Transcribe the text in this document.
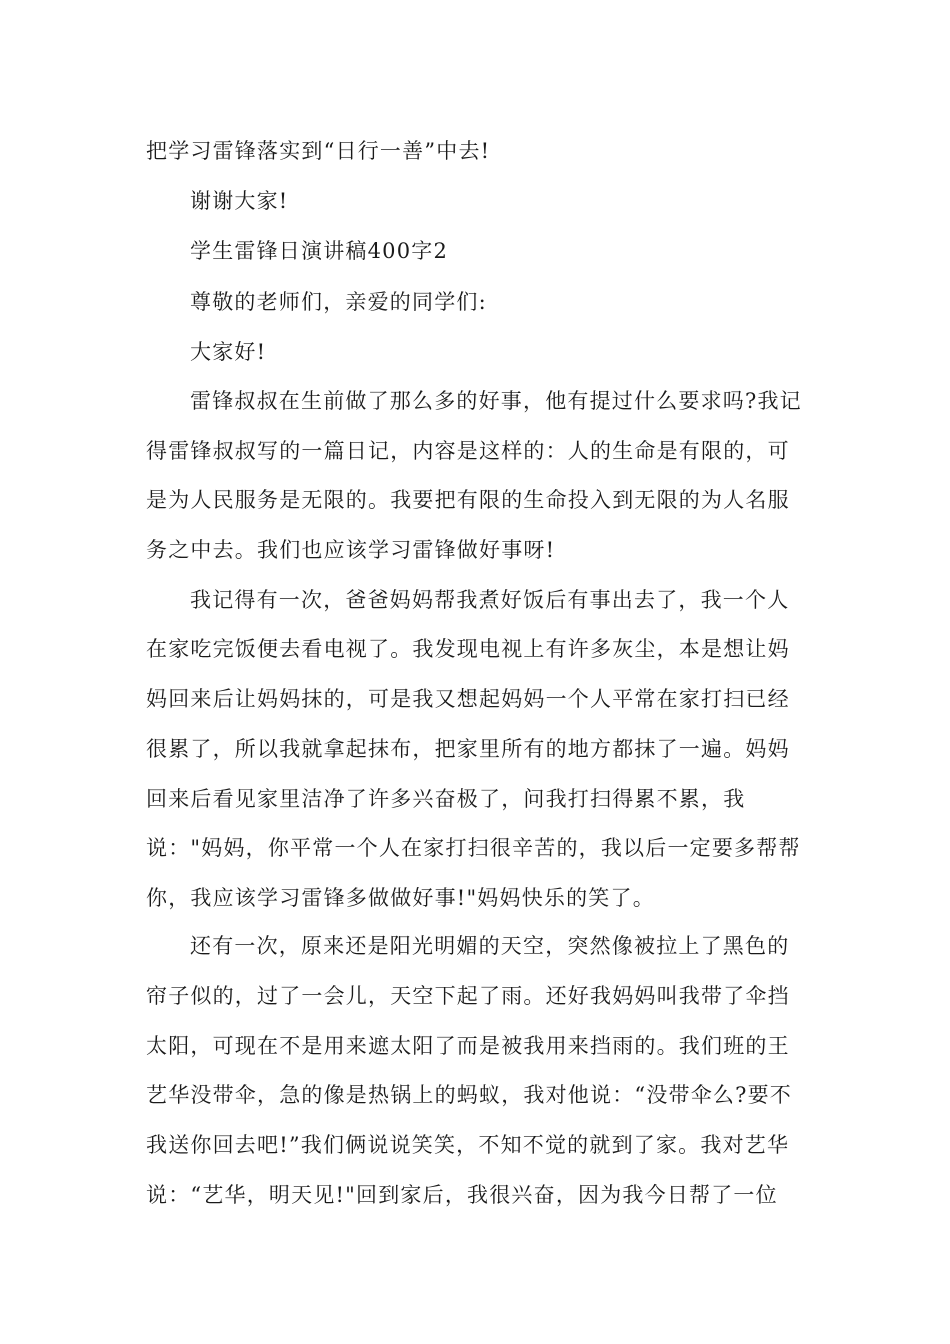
把学习雷锋落实到“日行一善”中去!
谢谢大家!
学生雷锋日演讲稿400字2
尊敬的老师们，亲爱的同学们:
大家好!
雷锋叔叔在生前做了那么多的好事，他有提过什么要求吗?我记
得雷锋叔叔写的一篇日记，内容是这样的：人的生命是有限的，可
是为人民服务是无限的。我要把有限的生命投入到无限的为人名服
务之中去。我们也应该学习雷锋做好事呀!
我记得有一次，爸爸妈妈帮我煮好饭后有事出去了，我一个人
在家吃完饭便去看电视了。我发现电视上有许多灰尘，本是想让妈
妈回来后让妈妈抹的，可是我又想起妈妈一个人平常在家打扫已经
很累了，所以我就拿起抹布，把家里所有的地方都抹了一遍。妈妈
回来后看见家里洁净了许多兴奋极了，问我打扫得累不累，我
说："妈妈，你平常一个人在家打扫很辛苦的，我以后一定要多帮帮
你，我应该学习雷锋多做做好事!"妈妈快乐的笑了。
还有一次，原来还是阳光明媚的天空，突然像被拉上了黑色的
帘子似的，过了一会儿，天空下起了雨。还好我妈妈叫我带了伞挡
太阳，可现在不是用来遮太阳了而是被我用来挡雨的。我们班的王
艺华没带伞，急的像是热锅上的蚂蚁，我对他说：“没带伞么?要不
我送你回去吧!”我们俩说说笑笑，不知不觉的就到了家。我对艺华
说：“艺华，明天见!"回到家后，我很兴奋，因为我今日帮了一位
